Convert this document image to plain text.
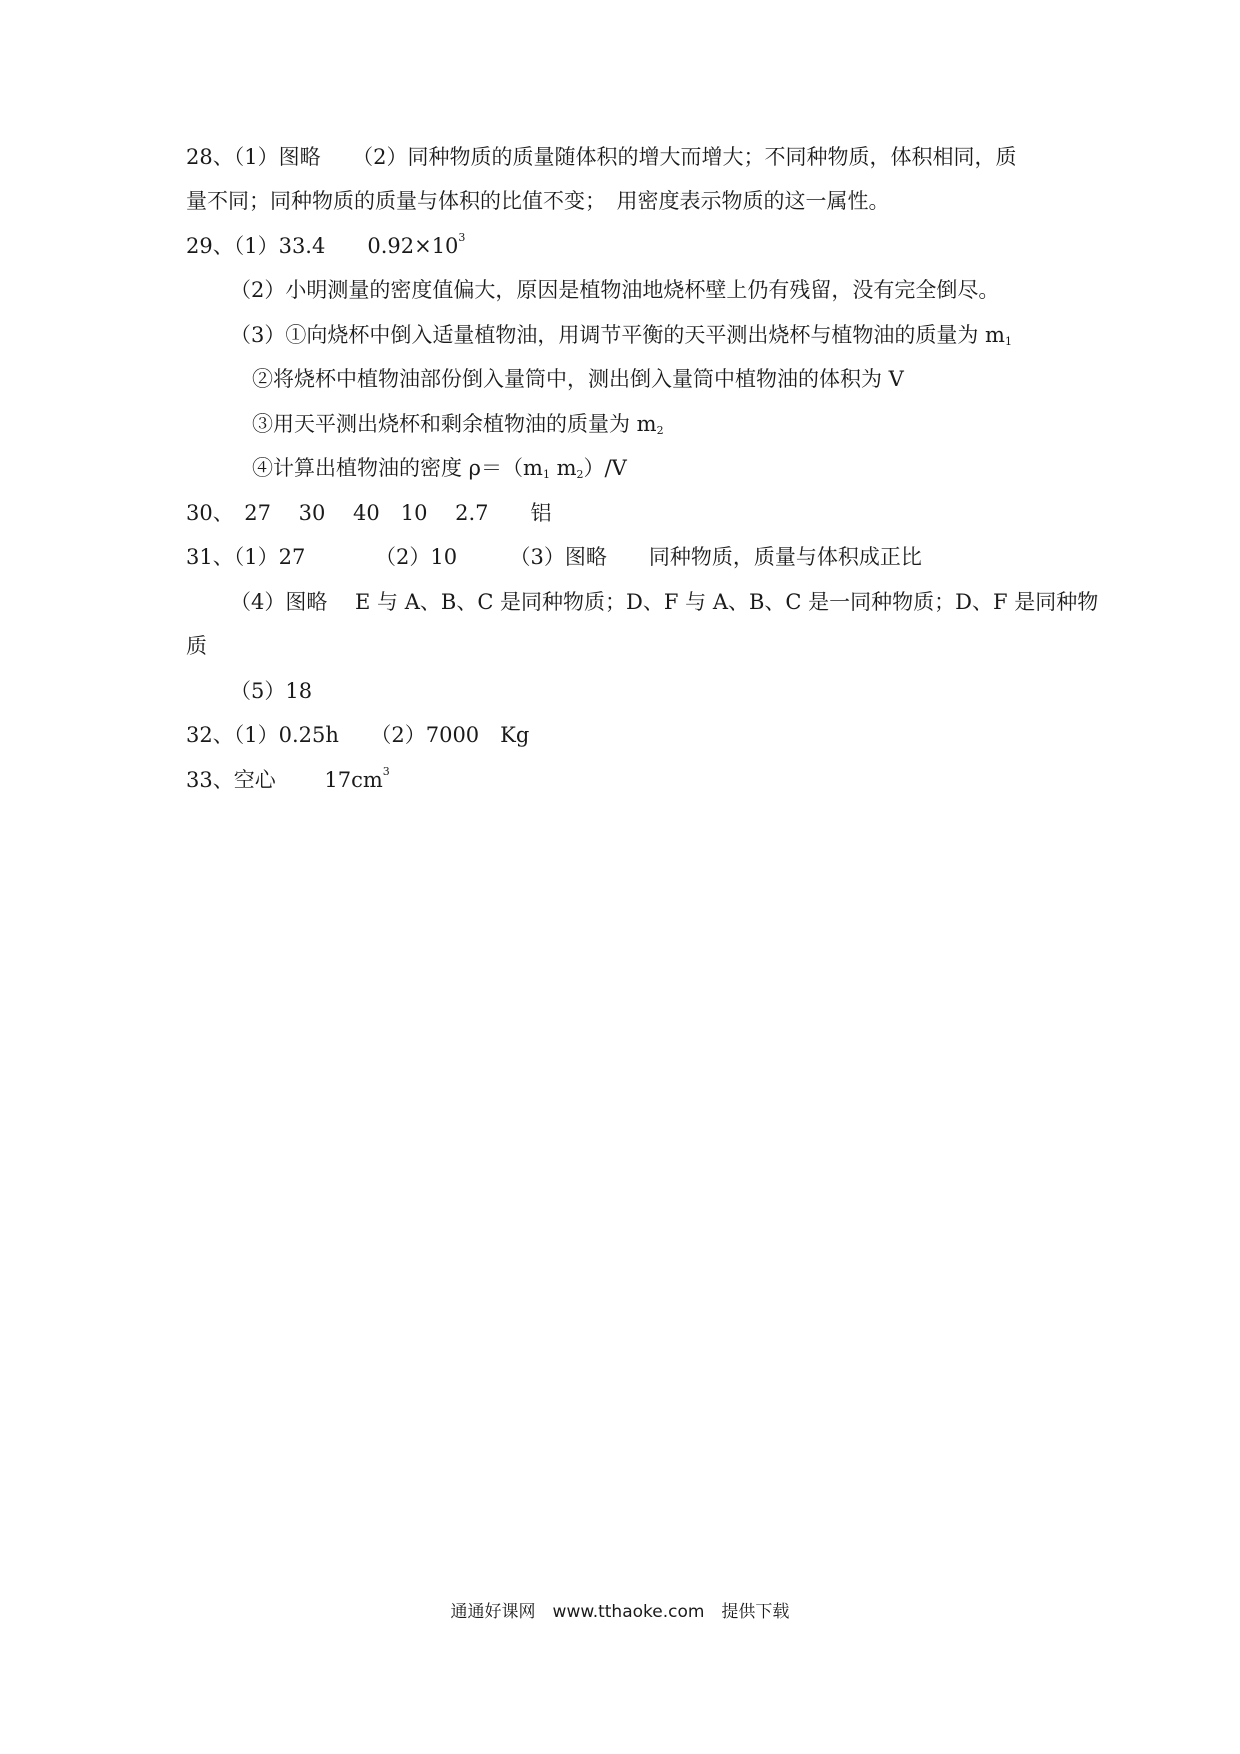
28、（1）图略　　（2）同种物质的质量随体积的增大而增大；不同种物质，体积相同，质
量不同；同种物质的质量与体积的比值不变；　用密度表示物质的这一属性。
29、（1）33.4　　$0.92\times 10^3$
（2）小明测量的密度值偏大，原因是植物油地烧杯壁上仍有残留，没有完全倒尽。
（3）①向烧杯中倒入适量植物油，用调节平衡的天平测出烧杯与植物油的质量为 $m_1$
②将烧杯中植物油部份倒入量筒中，测出倒入量筒中植物油的体积为 V
③用天平测出烧杯和剩余植物油的质量为 $m_2$
④计算出植物油的密度 $\rho=(m_1$ $m_2)/V$
30、　27　 30　 40　10　 2.7　　铝
31、（1）27　　　 （2）10　　　（3）图略　　同种物质，质量与体积成正比
（4）图略　 E 与 A、B、C 是同种物质；D、F 与 A、B、C 是一同种物质；D、F 是同种物
质
（5）18
32、（1）0.25h　　（2）7000　Kg
33、空心　　 $17cm^3$
通通好课网　www.tthaoke.com　提供下载
